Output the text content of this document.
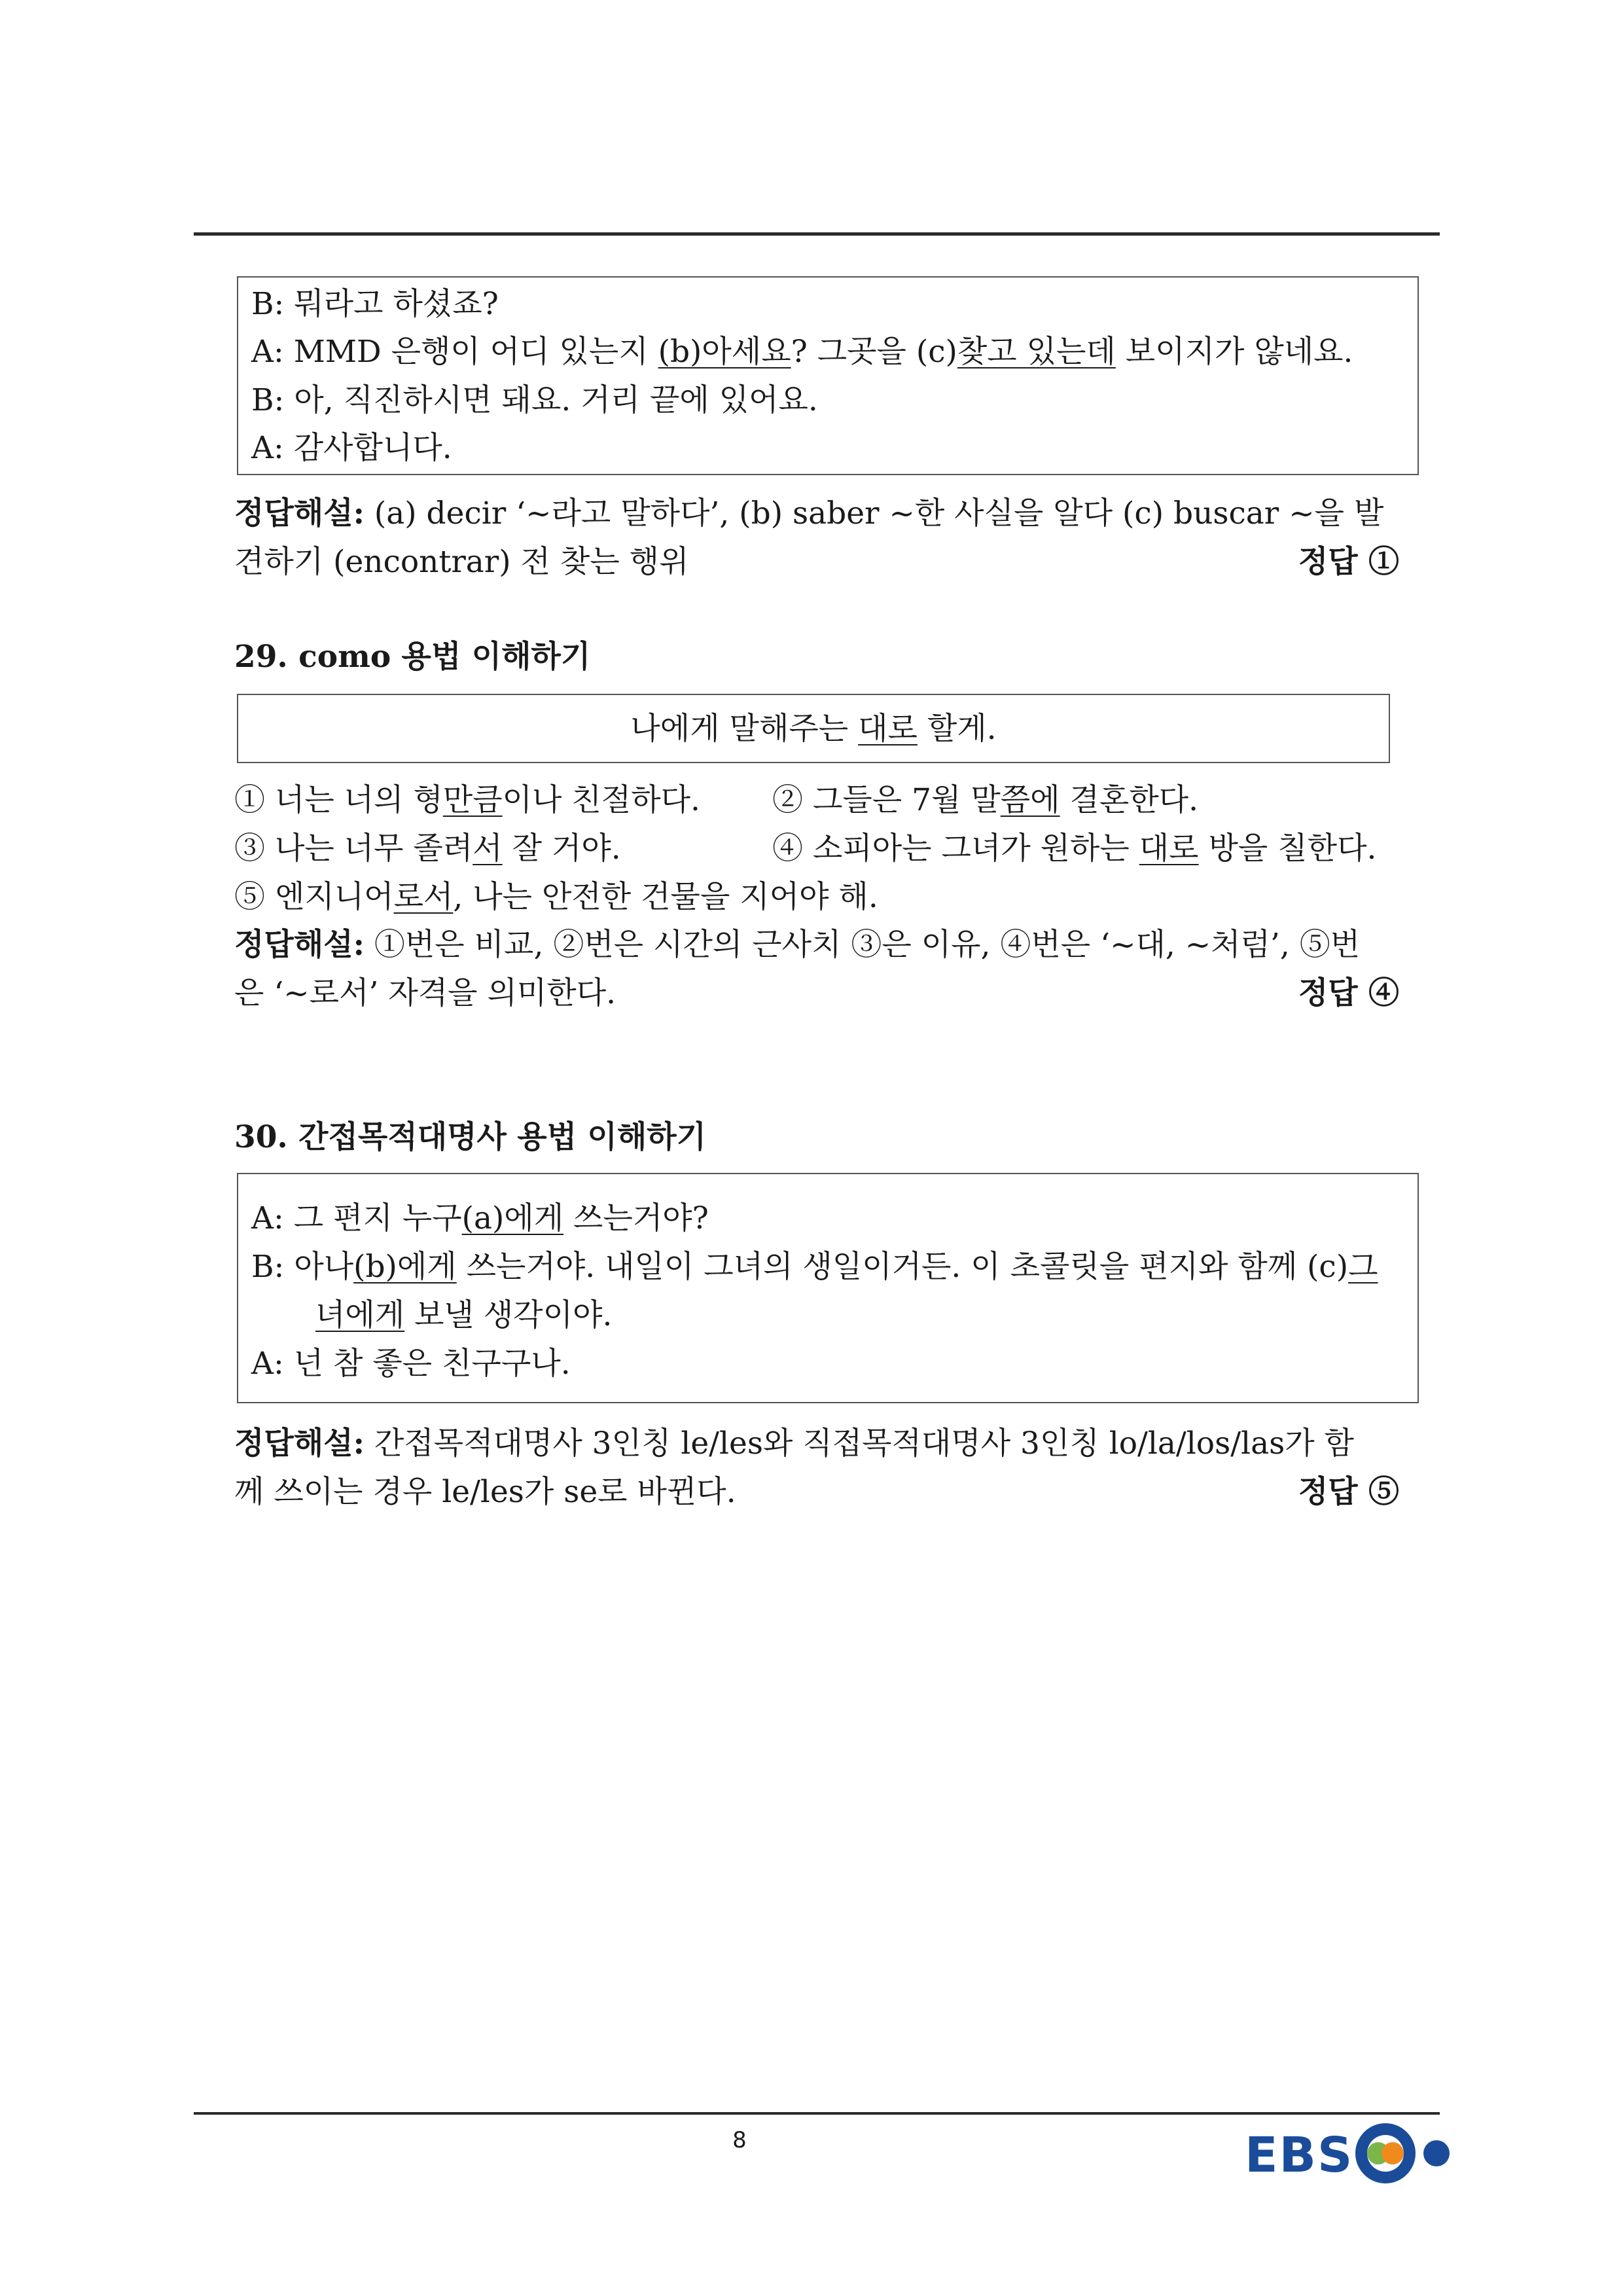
B: 뭐라고 하셨죠?
A: MMD 은행이 어디 있는지 (b)아세요? 그곳을 (c)찾고 있는데 보이지가 않네요.
B: 아, 직진하시면 돼요. 거리 끝에 있어요.
A: 감사합니다.
정답해설: (a) decir ‘~라고 말하다’, (b) saber ~한 사실을 알다 (c) buscar ~을 발
견하기 (encontrar) 전 찾는 행위	정답 ①
29. como 용법 이해하기
나에게 말해주는 대로 할게.
① 너는 너의 형만큼이나 친절하다. ② 그들은 7월 말쯤에 결혼한다.
③ 나는 너무 졸려서 잘 거야.	④ 소피아는 그녀가 원하는 대로 방을 칠한다.
⑤ 엔지니어로서, 나는 안전한 건물을 지어야 해.
정답해설: ①번은 비교, ②번은 시간의 근사치 ③은 이유, ④번은 ‘~대, ~처럼’, ⑤번
은 ‘~로서’ 자격을 의미한다.	정답 ④
30. 간접목적대명사 용법 이해하기
A: 그 편지 누구(a)에게 쓰는거야?
B: 아나(b)에게 쓰는거야. 내일이 그녀의 생일이거든. 이 초콜릿을 편지와 함께 (c)그
녀에게 보낼 생각이야.
A: 넌 참 좋은 친구구나.
정답해설: 간접목적대명사 3인칭 le/les와 직접목적대명사 3인칭 lo/la/los/las가 함
께 쓰이는 경우 le/les가 se로 바뀐다.	정답 ⑤
8	EBS
